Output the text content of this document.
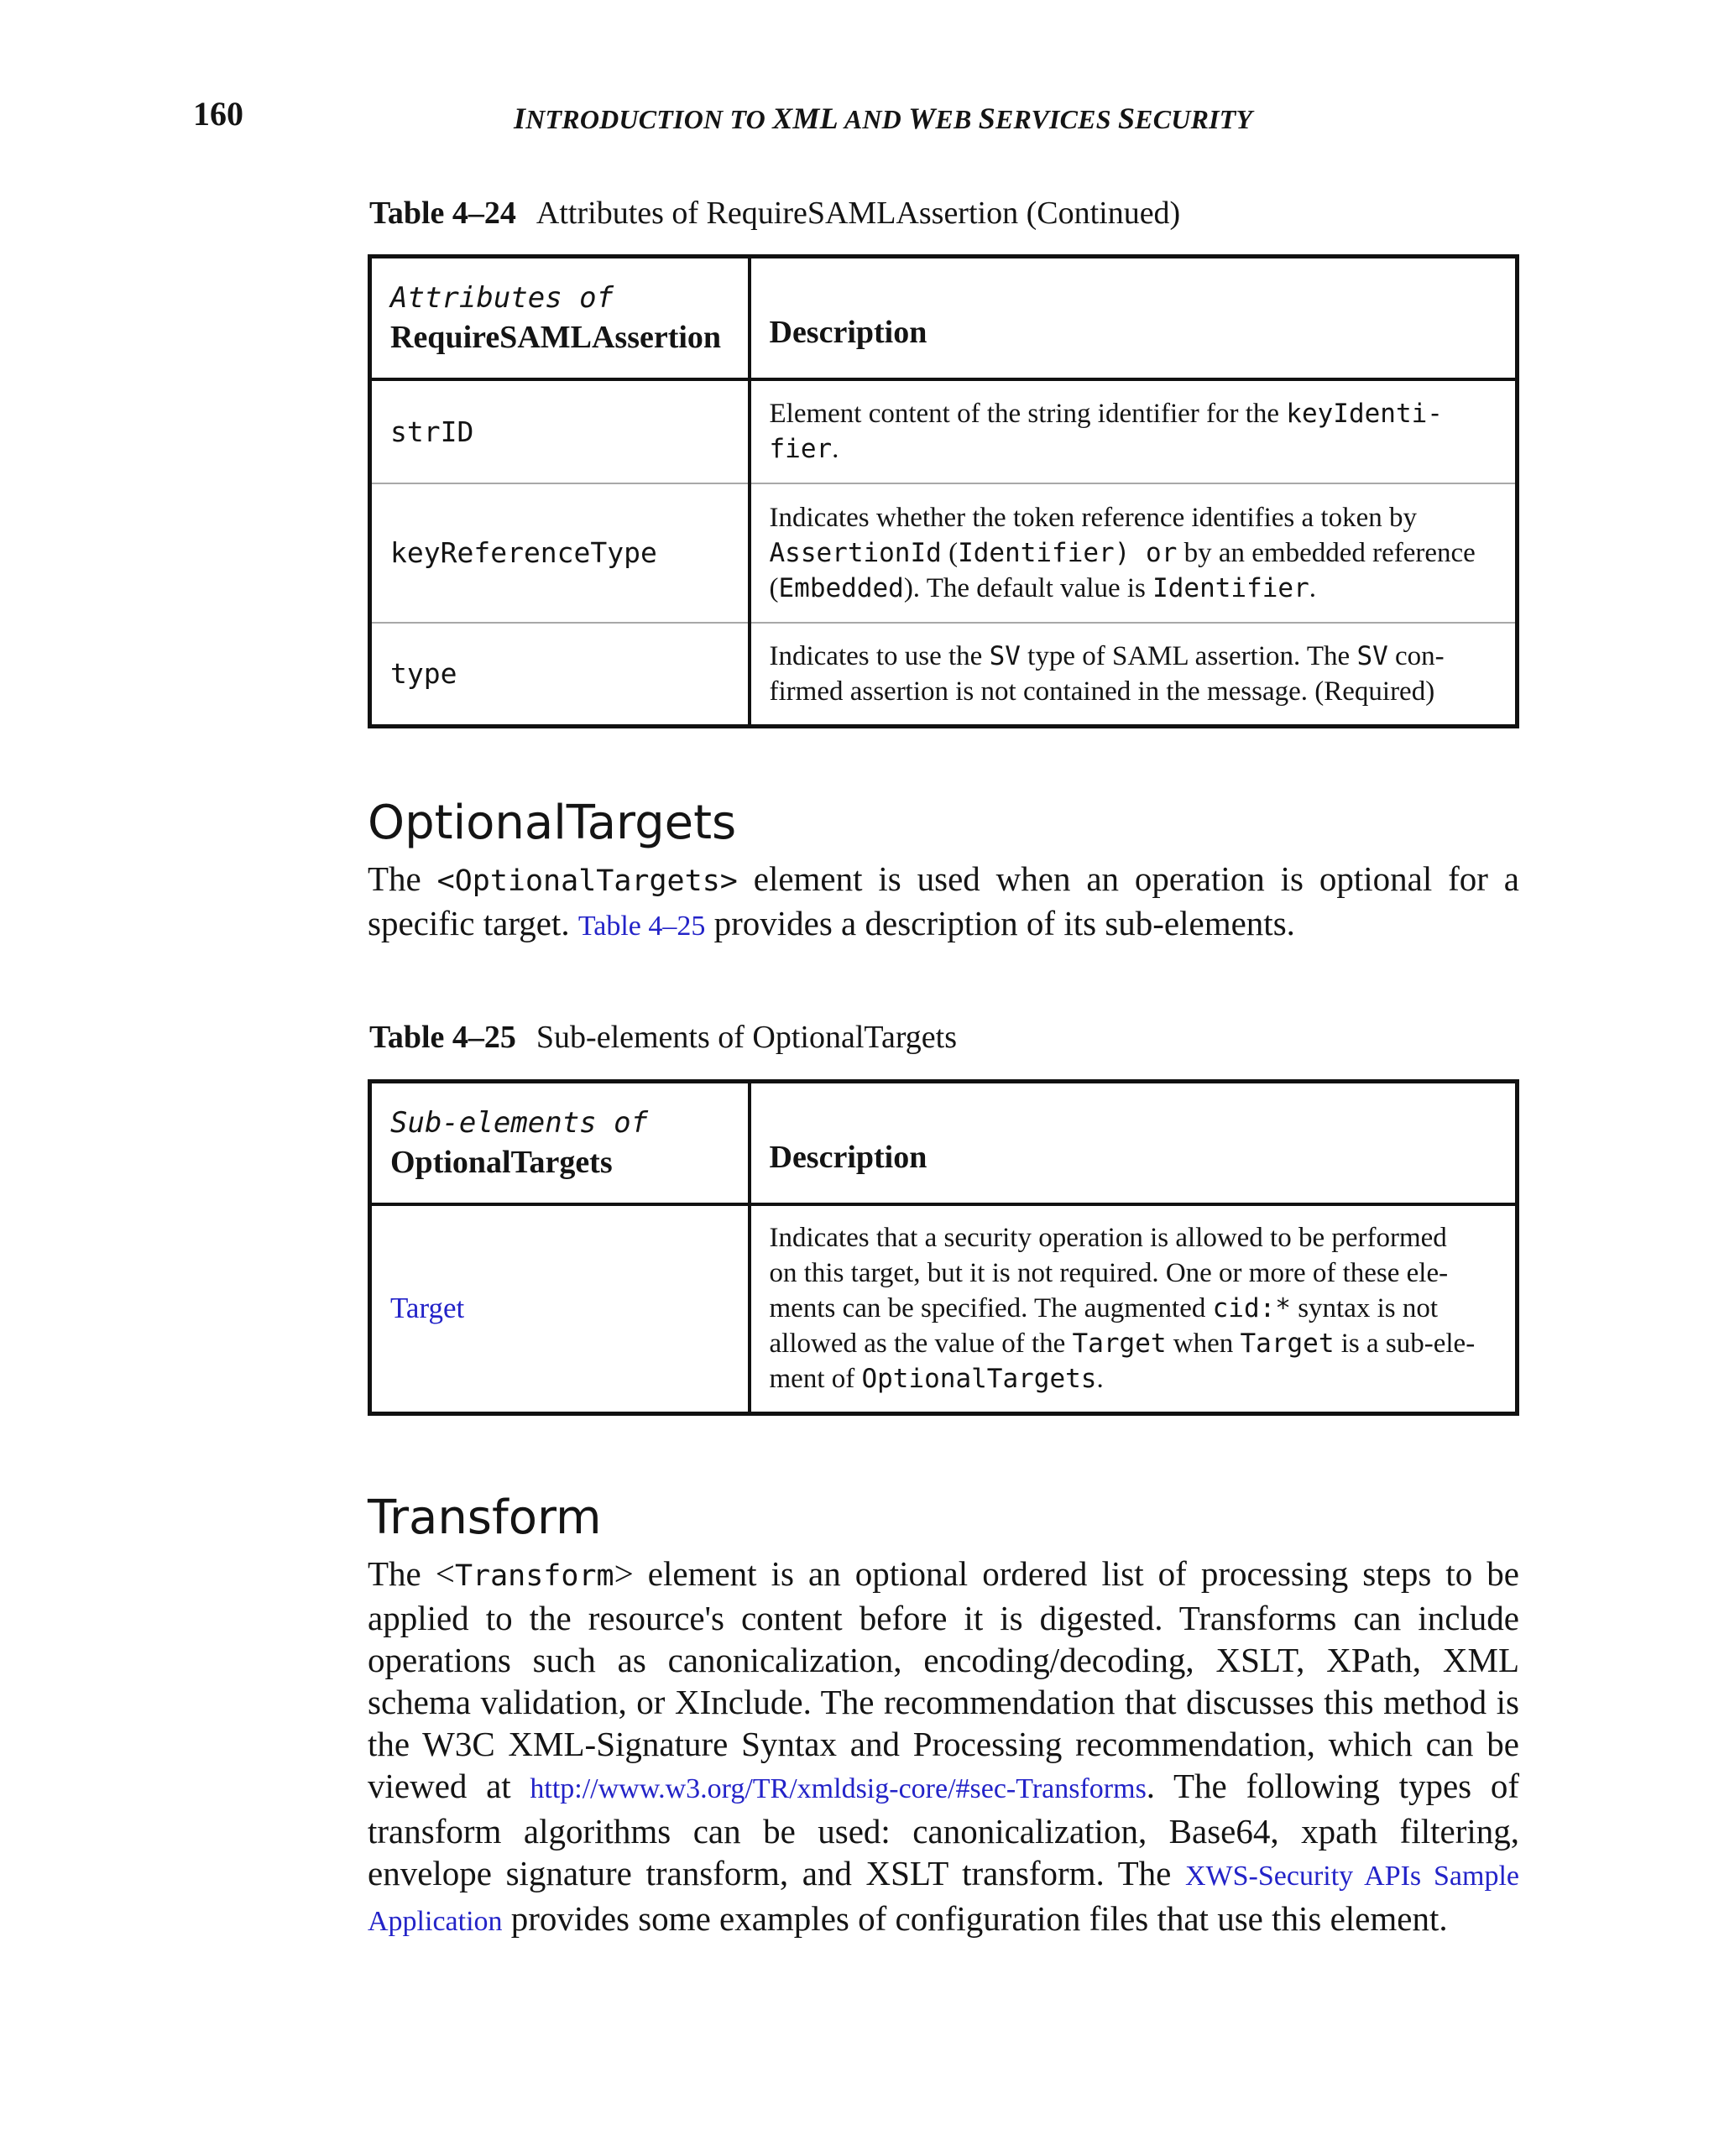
160	INTRODUCTION TO XML AND WEB SERVICES SECURITY
Table 4–24 Attributes of RequireSAMLAssertion (Continued)
Attributes of
RequireSAMLAssertion	Description
strID	Element content of the string identifier for the keyIdenti-
fier.
keyReferenceType	Indicates whether the token reference identifies a token by
AssertionId (Identifier) or by an embedded reference
(Embedded). The default value is Identifier.
type	Indicates to use the SV type of SAML assertion. The SV con-
firmed assertion is not contained in the message. (Required)
OptionalTargets
The <OptionalTargets> element is used when an operation is optional for a specific target. Table 4–25 provides a description of its sub-elements.
Table 4–25 Sub-elements of OptionalTargets
Sub-elements of
OptionalTargets	Description
Target	Indicates that a security operation is allowed to be performed
on this target, but it is not required. One or more of these ele-
ments can be specified. The augmented cid:* syntax is not
allowed as the value of the Target when Target is a sub-ele-
ment of OptionalTargets.
Transform
The <Transform> element is an optional ordered list of processing steps to be applied to the resource's content before it is digested. Transforms can include operations such as canonicalization, encoding/decoding, XSLT, XPath, XML schema validation, or XInclude. The recommendation that discusses this method is the W3C XML-Signature Syntax and Processing recommendation, which can be viewed at http://www.w3.org/TR/xmldsig-core/#sec-Transforms. The following types of transform algorithms can be used: canonicalization, Base64, xpath filtering, envelope signature transform, and XSLT transform. The XWS-Security APIs Sample Application provides some examples of configuration files that use this element.
